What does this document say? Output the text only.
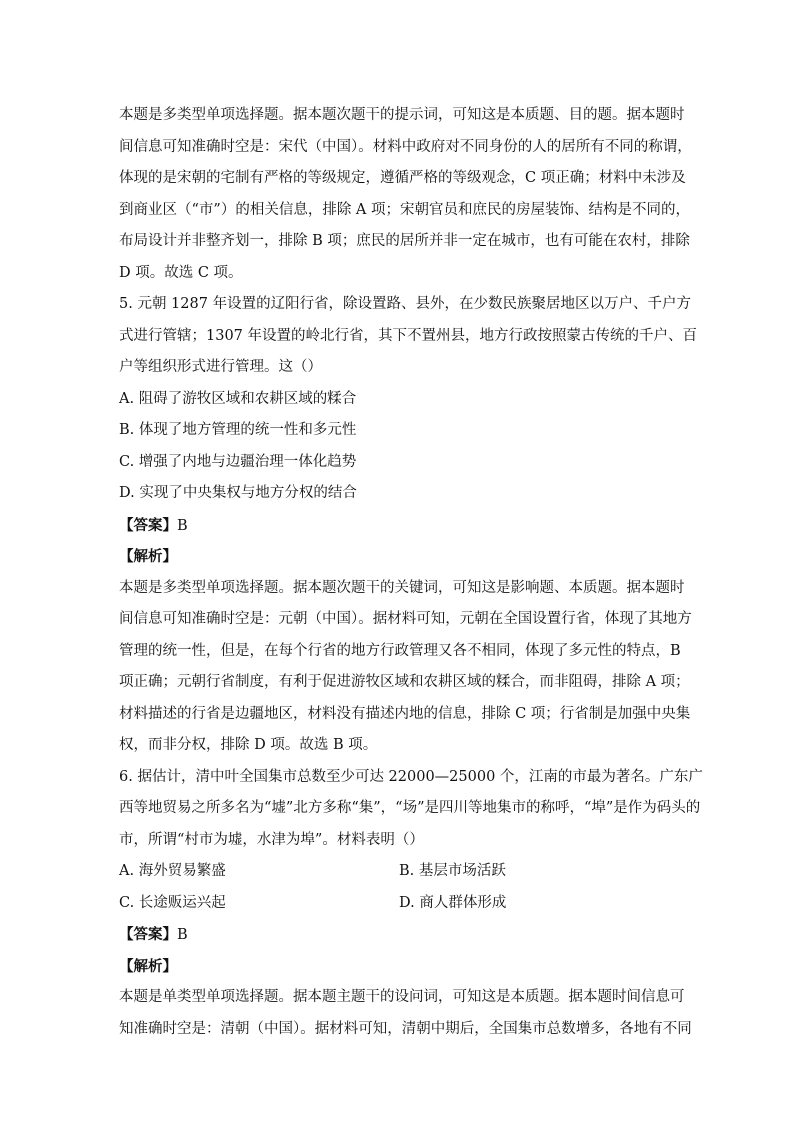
本题是多类型单项选择题。据本题次题干的提示词，可知这是本质题、目的题。据本题时
间信息可知准确时空是：宋代（中国）。材料中政府对不同身份的人的居所有不同的称谓，
体现的是宋朝的宅制有严格的等级规定，遵循严格的等级观念，C 项正确；材料中未涉及
到商业区（“市”）的相关信息，排除 A 项；宋朝官员和庶民的房屋装饰、结构是不同的，
布局设计并非整齐划一，排除 B 项；庶民的居所并非一定在城市，也有可能在农村，排除
D 项。故选 C 项。
5. 元朝 1287 年设置的辽阳行省，除设置路、县外，在少数民族聚居地区以万户、千户方
式进行管辖；1307 年设置的岭北行省，其下不置州县，地方行政按照蒙古传统的千户、百
户等组织形式进行管理。这（）
A. 阻碍了游牧区域和农耕区域的糅合
B. 体现了地方管理的统一性和多元性
C. 增强了内地与边疆治理一体化趋势
D. 实现了中央集权与地方分权的结合
【答案】B
【解析】
本题是多类型单项选择题。据本题次题干的关键词，可知这是影响题、本质题。据本题时
间信息可知准确时空是：元朝（中国）。据材料可知，元朝在全国设置行省，体现了其地方
管理的统一性，但是，在每个行省的地方行政管理又各不相同，体现了多元性的特点，B
项正确；元朝行省制度，有利于促进游牧区域和农耕区域的糅合，而非阻碍，排除 A 项；
材料描述的行省是边疆地区，材料没有描述内地的信息，排除 C 项；行省制是加强中央集
权，而非分权，排除 D 项。故选 B 项。
6. 据估计，清中叶全国集市总数至少可达 22000—25000 个，江南的市最为著名。广东广
西等地贸易之所多名为“墟”北方多称“集”，“场”是四川等地集市的称呼，“埠”是作为码头的
市，所谓“村市为墟，水津为埠”。材料表明（）
A. 海外贸易繁盛	B. 基层市场活跃
C. 长途贩运兴起	D. 商人群体形成
【答案】B
【解析】
本题是单类型单项选择题。据本题主题干的设问词，可知这是本质题。据本题时间信息可
知准确时空是：清朝（中国）。据材料可知，清朝中期后，全国集市总数增多，各地有不同
